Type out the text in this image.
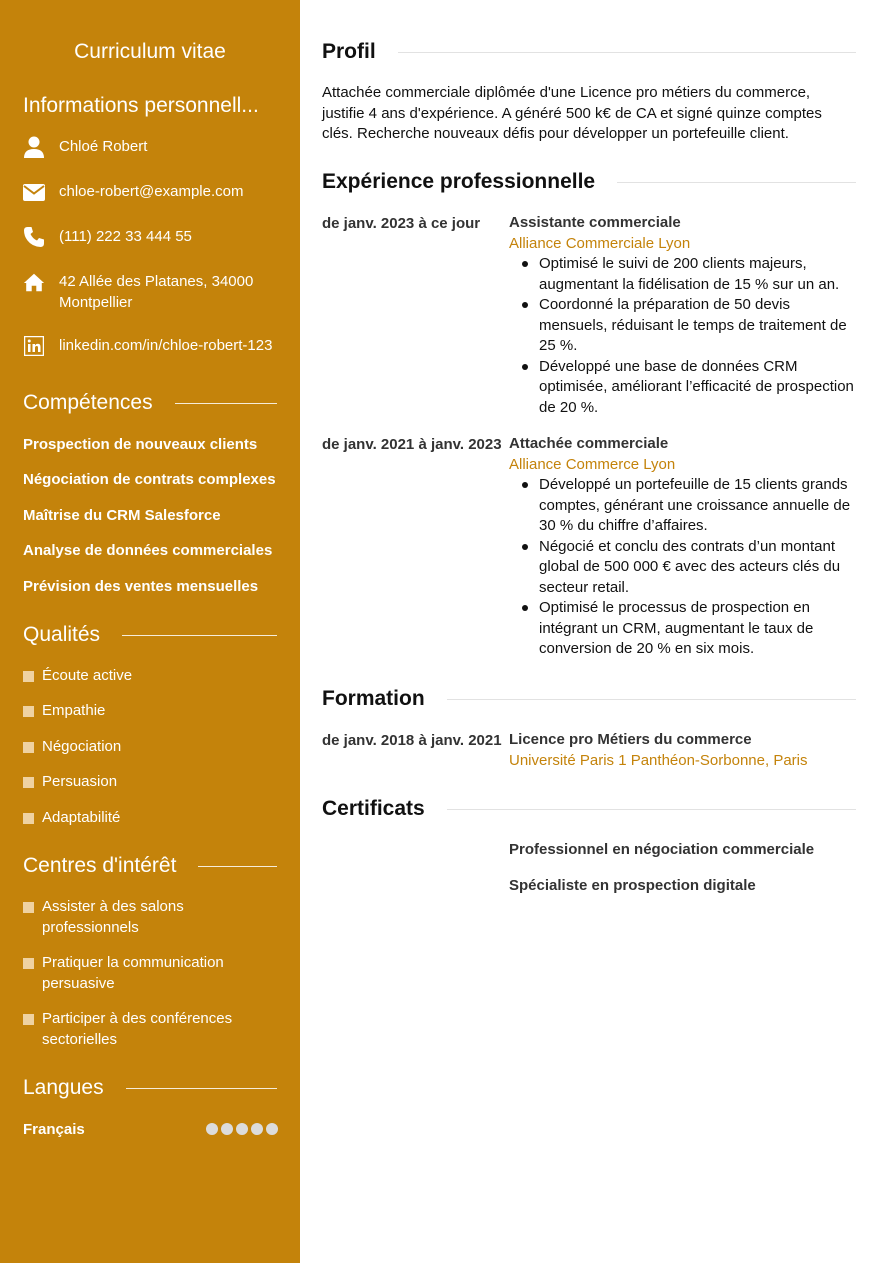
Curriculum vitae
Informations personnell...
Chloé Robert
chloe-robert@example.com
(111) 222 33 444 55
42 Allée des Platanes, 34000
Montpellier
linkedin.com/in/chloe-robert-123
Compétences
Prospection de nouveaux clients
Négociation de contrats complexes
Maîtrise du CRM Salesforce
Analyse de données commerciales
Prévision des ventes mensuelles
Qualités
Écoute active
Empathie
Négociation
Persuasion
Adaptabilité
Centres d'intérêt
Assister à des salons professionnels
Pratiquer la communication persuasive
Participer à des conférences sectorielles
Langues
Français
Profil
Attachée commerciale diplômée d'une Licence pro métiers du commerce, justifie 4 ans d'expérience. A généré 500 k€ de CA et signé quinze comptes clés. Recherche nouveaux défis pour développer un portefeuille client.
Expérience professionnelle
de janv. 2023 à ce jour Assistante commerciale
Alliance Commerciale Lyon
Optimisé le suivi de 200 clients majeurs, augmentant la fidélisation de 15 % sur un an.
Coordonné la préparation de 50 devis mensuels, réduisant le temps de traitement de 25 %.
Développé une base de données CRM optimisée, améliorant l’efficacité de prospection de 20 %.
de janv. 2021 à janv. 2023 Attachée commerciale
Alliance Commerce Lyon
Développé un portefeuille de 15 clients grands comptes, générant une croissance annuelle de 30 % du chiffre d’affaires.
Négocié et conclu des contrats d’un montant global de 500 000 € avec des acteurs clés du secteur retail.
Optimisé le processus de prospection en intégrant un CRM, augmentant le taux de conversion de 20 % en six mois.
Formation
de janv. 2018 à janv. 2021 Licence pro Métiers du commerce
Université Paris 1 Panthéon-Sorbonne, Paris
Certificats
Professionnel en négociation commerciale
Spécialiste en prospection digitale
